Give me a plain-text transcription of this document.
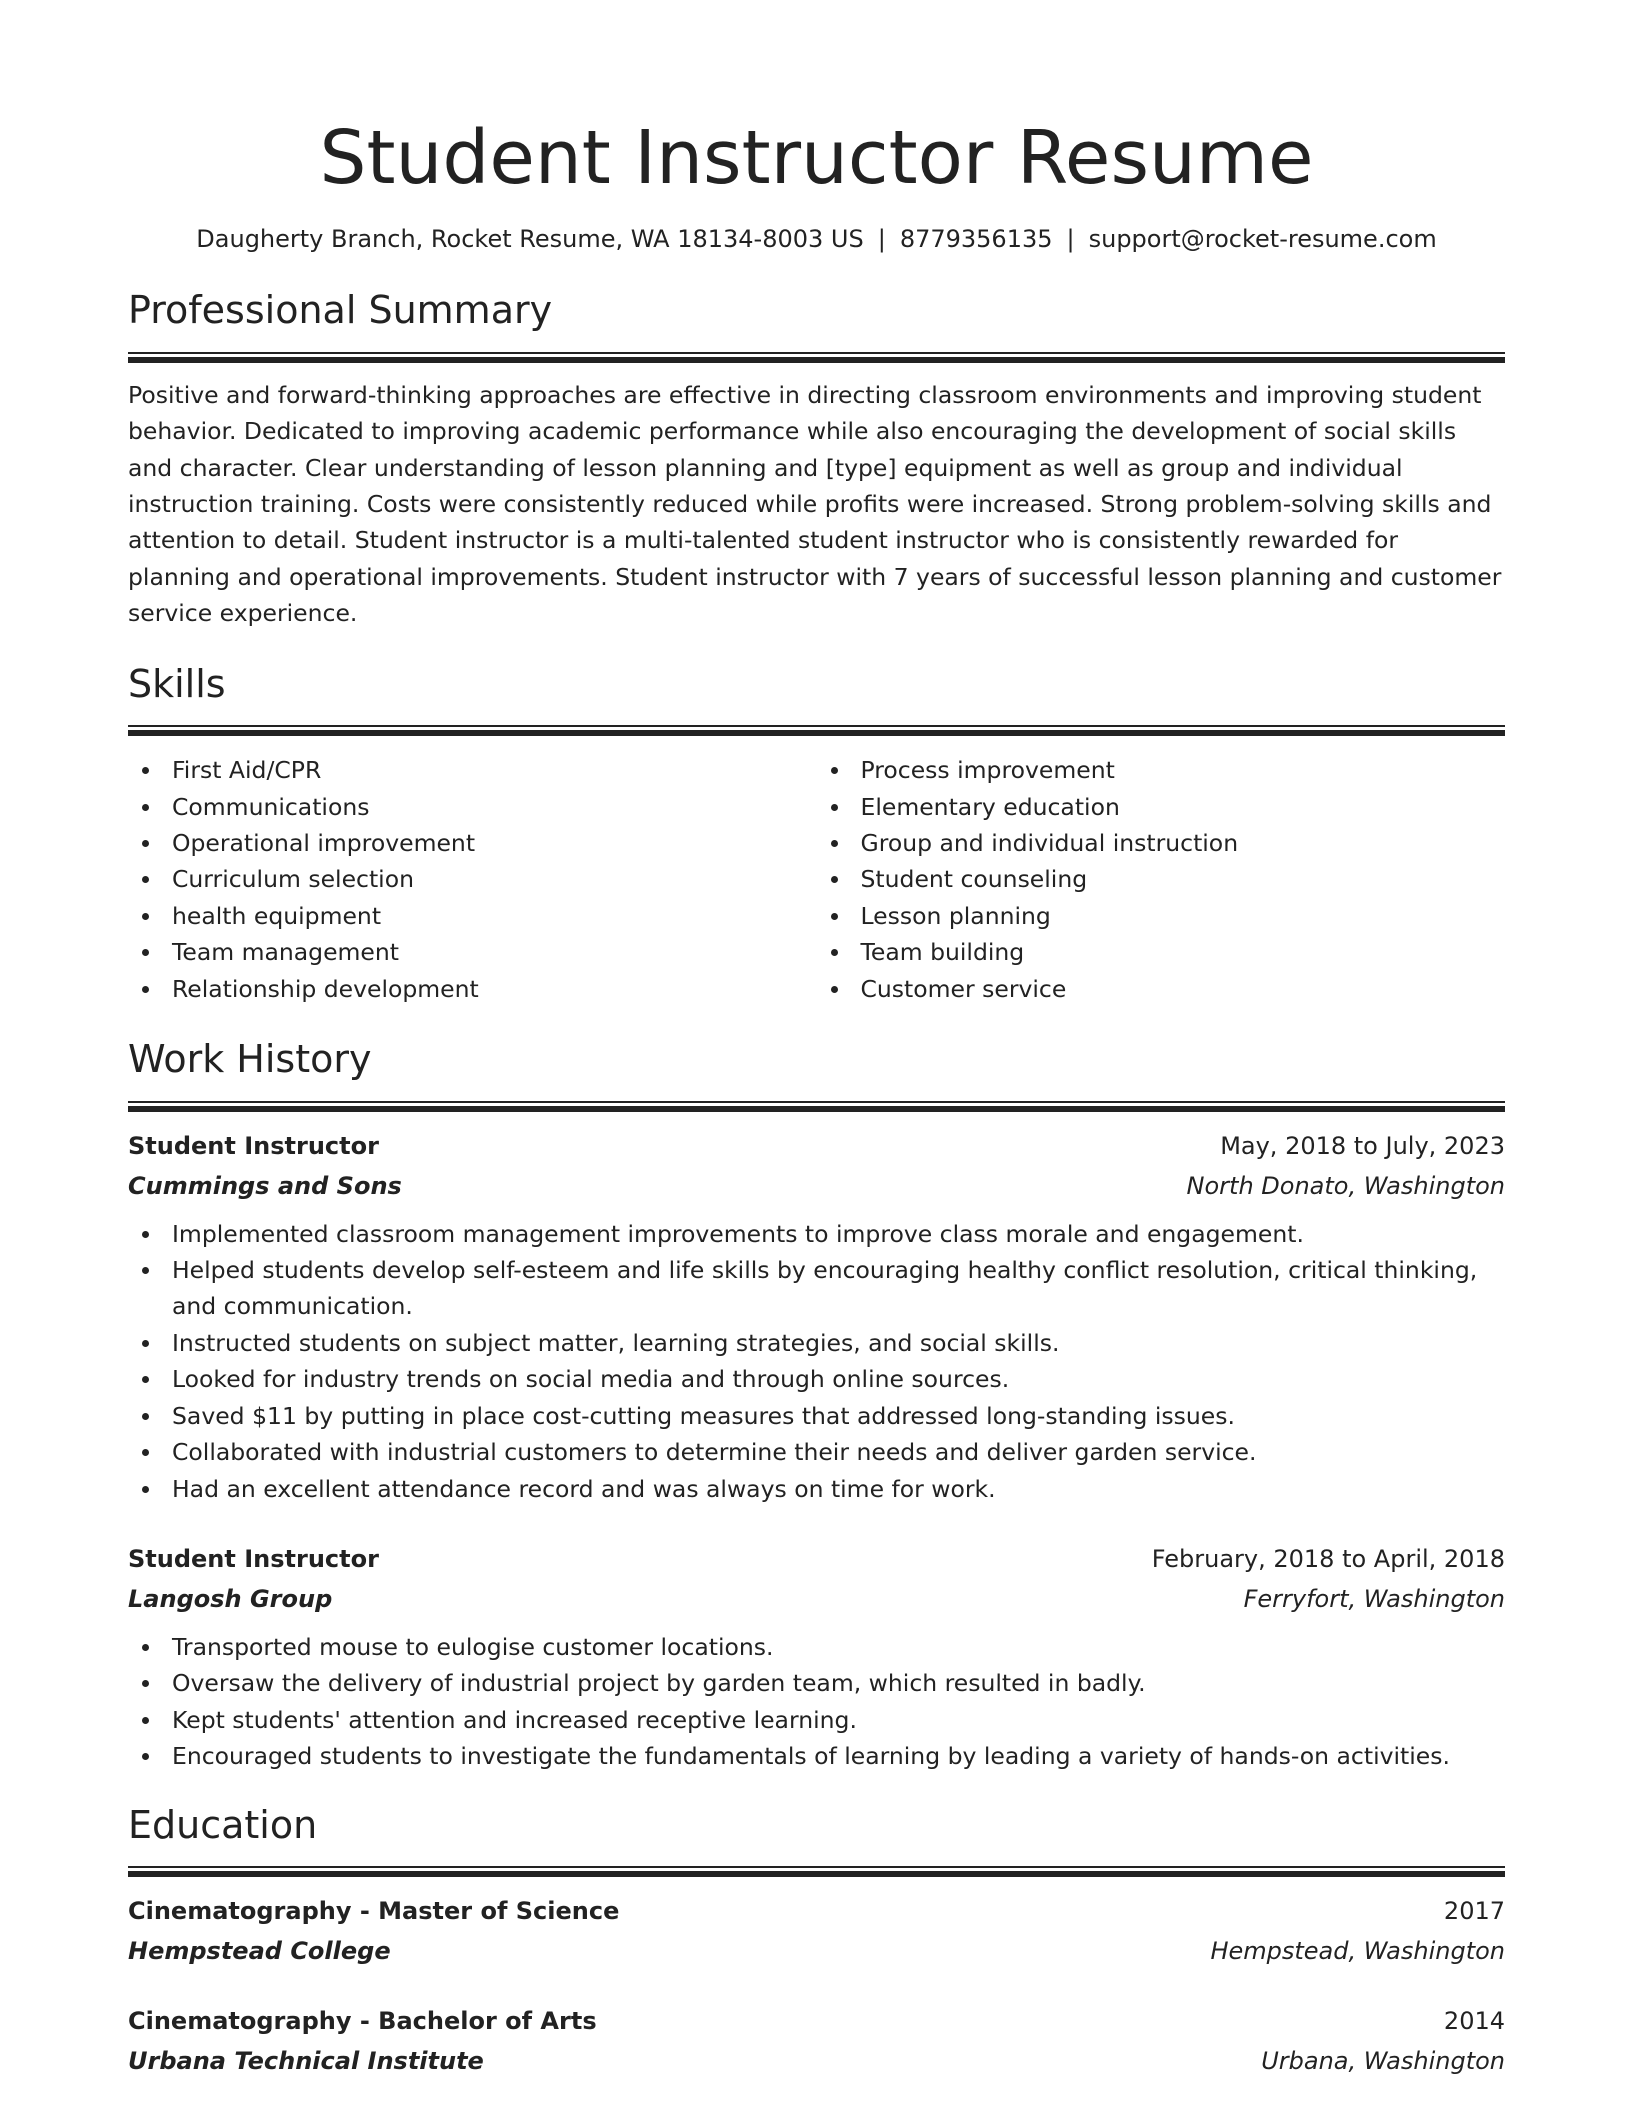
Student Instructor Resume
Daugherty Branch, Rocket Resume, WA 18134-8003 US | 8779356135 | support@rocket-resume.com
Professional Summary

Positive and forward-thinking approaches are effective in directing classroom environments and improving student behavior. Dedicated to improving academic performance while also encouraging the development of social skills and character. Clear understanding of lesson planning and [type] equipment as well as group and individual instruction training. Costs were consistently reduced while profits were increased. Strong problem-solving skills and attention to detail. Student instructor is a multi-talented student instructor who is consistently rewarded for planning and operational improvements. Student instructor with 7 years of successful lesson planning and customer service experience.

Skills
First Aid/CPR
Communications
Operational improvement
Curriculum selection
health equipment
Team management
Relationship development
Process improvement
Elementary education
Group and individual instruction
Student counseling
Lesson planning
Team building
Customer service
Work History
Student Instructor	May, 2018 to July, 2023
Cummings and Sons	North Donato, Washington
Implemented classroom management improvements to improve class morale and engagement.
Helped students develop self-esteem and life skills by encouraging healthy conflict resolution, critical thinking, and communication.
Instructed students on subject matter, learning strategies, and social skills.
Looked for industry trends on social media and through online sources.
Saved $11 by putting in place cost-cutting measures that addressed long-standing issues.
Collaborated with industrial customers to determine their needs and deliver garden service.
Had an excellent attendance record and was always on time for work.
Student Instructor	February, 2018 to April, 2018
Langosh Group	Ferryfort, Washington
Transported mouse to eulogise customer locations.
Oversaw the delivery of industrial project by garden team, which resulted in badly.
Kept students' attention and increased receptive learning.
Encouraged students to investigate the fundamentals of learning by leading a variety of hands-on activities.
Education
Cinematography - Master of Science	2017
Hempstead College	Hempstead, Washington
Cinematography - Bachelor of Arts	2014
Urbana Technical Institute	Urbana, Washington
